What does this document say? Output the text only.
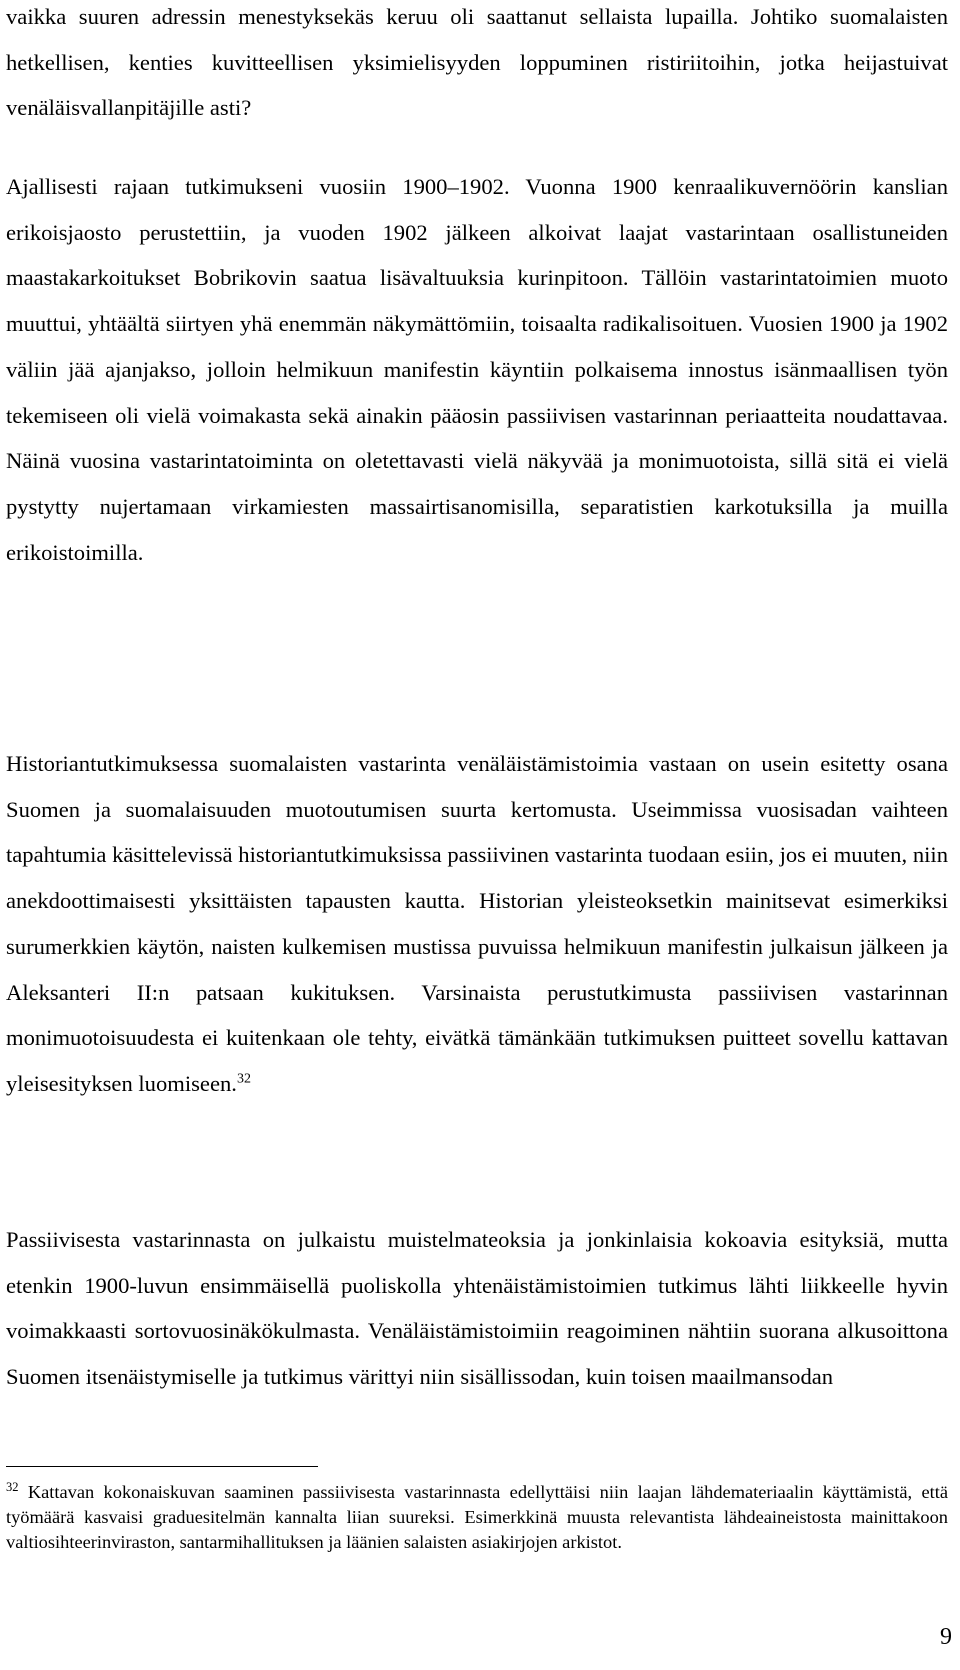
vaikka suuren adressin menestyksekäs keruu oli saattanut sellaista lupailla. Johtiko suomalaisten hetkellisen, kenties kuvitteellisen yksimielisyyden loppuminen ristiriitoihin, jotka heijastuivat venäläisvallanpitäjille asti?

Ajallisesti rajaan tutkimukseni vuosiin 1900–1902. Vuonna 1900 kenraalikuvernöörin kanslian erikoisjaosto perustettiin, ja vuoden 1902 jälkeen alkoivat laajat vastarintaan osallistuneiden maastakarkoitukset Bobrikovin saatua lisävaltuuksia kurinpitoon. Tällöin vastarintatoimien muoto muuttui, yhtäältä siirtyen yhä enemmän näkymättömiin, toisaalta radikalisoituen. Vuosien 1900 ja 1902 väliin jää ajanjakso, jolloin helmikuun manifestin käyntiin polkaisema innostus isänmaallisen työn tekemiseen oli vielä voimakasta sekä ainakin pääosin passiivisen vastarinnan periaatteita noudattavaa. Näinä vuosina vastarintatoiminta on oletettavasti vielä näkyvää ja monimuotoista, sillä sitä ei vielä pystytty nujertamaan virkamiesten massairtisanomisilla, separatistien karkotuksilla ja muilla erikoistoimilla.

Historiantutkimuksessa suomalaisten vastarinta venäläistämistoimia vastaan on usein esitetty osana Suomen ja suomalaisuuden muotoutumisen suurta kertomusta. Useimmissa vuosisadan vaihteen tapahtumia käsittelevissä historiantutkimuksissa passiivinen vastarinta tuodaan esiin, jos ei muuten, niin anekdoottimaisesti yksittäisten tapausten kautta. Historian yleisteoksetkin mainitsevat esimerkiksi surumerkkien käytön, naisten kulkemisen mustissa puvuissa helmikuun manifestin julkaisun jälkeen ja Aleksanteri II:n patsaan kukituksen. Varsinaista perustutkimusta passiivisen vastarinnan monimuotoisuudesta ei kuitenkaan ole tehty, eivätkä tämänkään tutkimuksen puitteet sovellu kattavan yleisesityksen luomiseen.$^{32}$

Passiivisesta vastarinnasta on julkaistu muistelmateoksia ja jonkinlaisia kokoavia esityksiä, mutta etenkin 1900-luvun ensimmäisellä puoliskolla yhtenäistämistoimien tutkimus lähti liikkeelle hyvin voimakkaasti sortovuosinäkökulmasta. Venäläistämistoimiin reagoiminen nähtiin suorana alkusoittona Suomen itsenäistymiselle ja tutkimus värittyi niin sisällissodan, kuin toisen maailmansodan

$^{32}$ Kattavan kokonaiskuvan saaminen passiivisesta vastarinnasta edellyttäisi niin laajan lähdemateriaalin käyttämistä, että työmäärä kasvaisi graduesitelmän kannalta liian suureksi. Esimerkkinä muusta relevantista lähdeaineistosta mainittakoon valtiosihteerinviraston, santarmihallituksen ja läänien salaisten asiakirjojen arkistot.

9
